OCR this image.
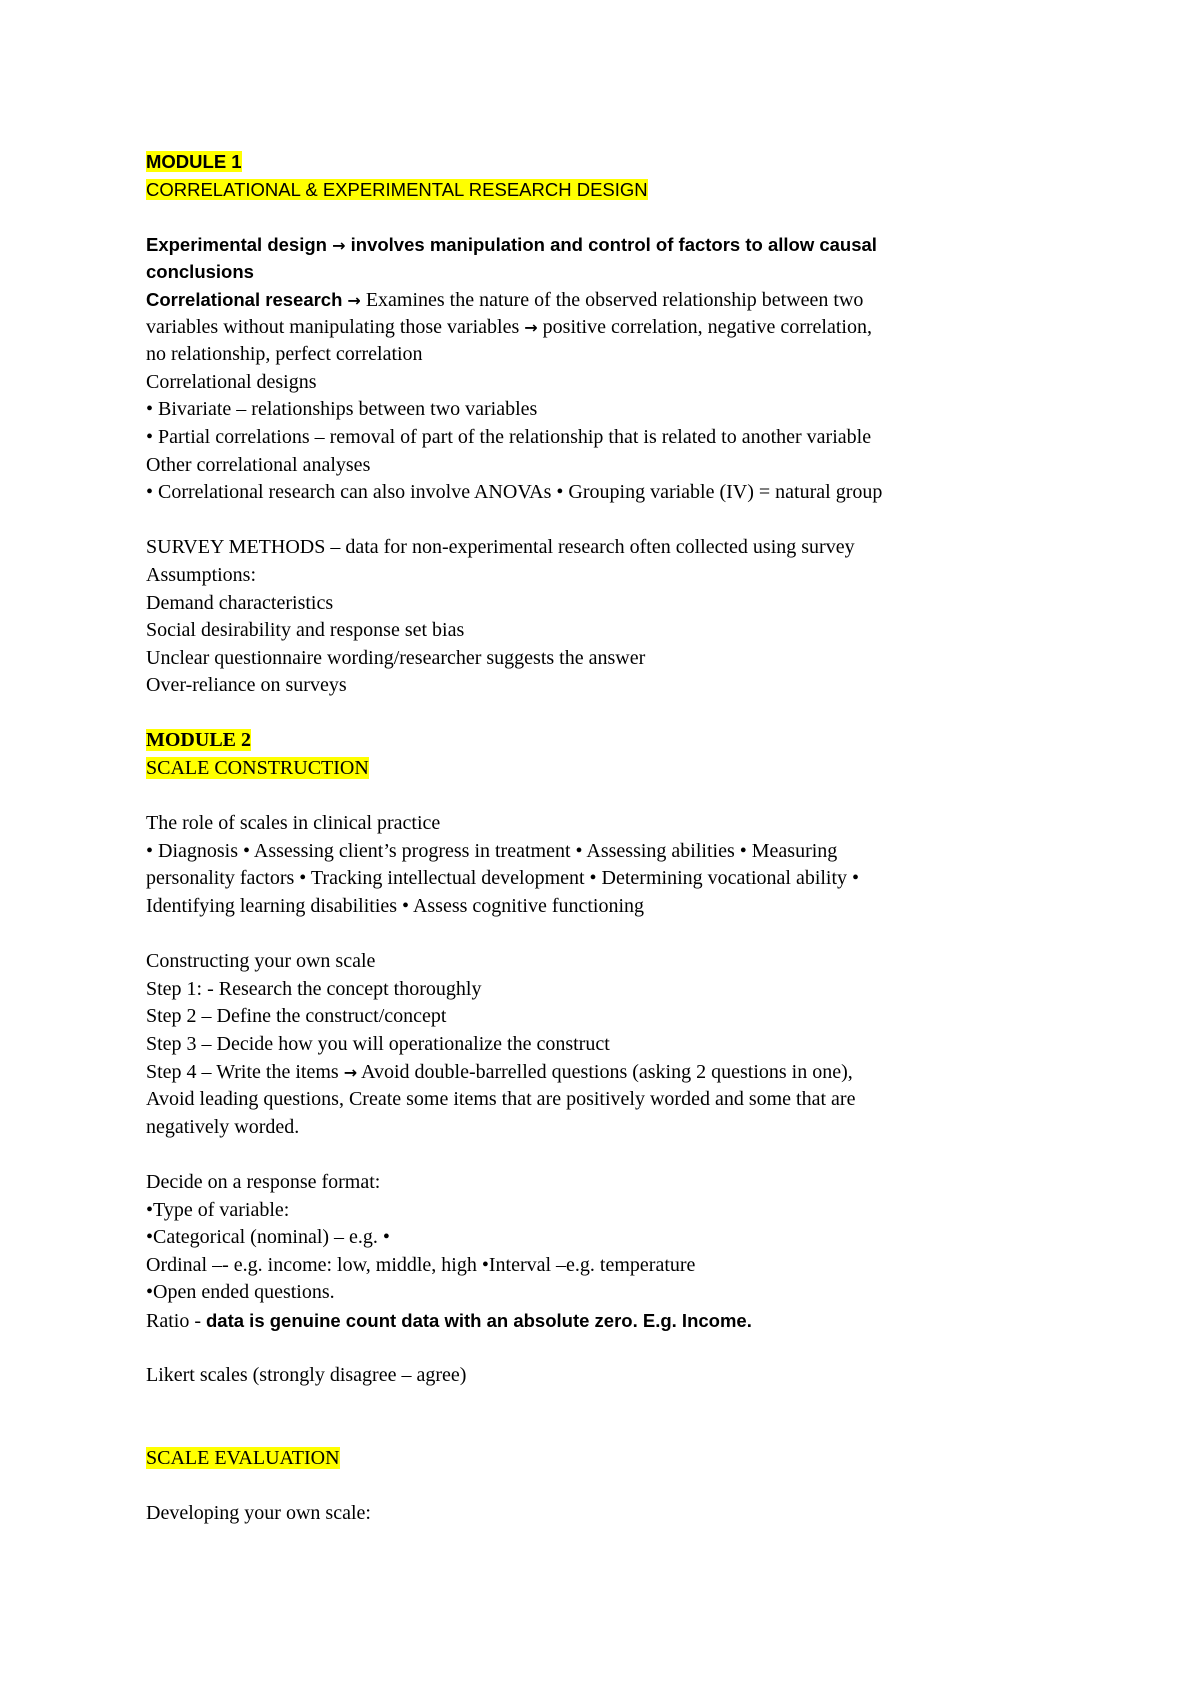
MODULE 1
CORRELATIONAL & EXPERIMENTAL RESEARCH DESIGN
Experimental design → involves manipulation and control of factors to allow causal
conclusions
Correlational research → Examines the nature of the observed relationship between two
variables without manipulating those variables → positive correlation, negative correlation,
no relationship, perfect correlation
Correlational designs
• Bivariate – relationships between two variables
• Partial correlations – removal of part of the relationship that is related to another variable
Other correlational analyses
• Correlational research can also involve ANOVAs • Grouping variable (IV) = natural group
SURVEY METHODS – data for non-experimental research often collected using survey
Assumptions:
Demand characteristics
Social desirability and response set bias
Unclear questionnaire wording/researcher suggests the answer
Over-reliance on surveys
MODULE 2
SCALE CONSTRUCTION
The role of scales in clinical practice
• Diagnosis • Assessing client’s progress in treatment • Assessing abilities • Measuring
personality factors • Tracking intellectual development • Determining vocational ability •
Identifying learning disabilities • Assess cognitive functioning
Constructing your own scale
Step 1: - Research the concept thoroughly
Step 2 – Define the construct/concept
Step 3 – Decide how you will operationalize the construct
Step 4 – Write the items → Avoid double-barrelled questions (asking 2 questions in one),
Avoid leading questions, Create some items that are positively worded and some that are
negatively worded.
Decide on a response format:
•Type of variable:
•Categorical (nominal) – e.g. •
Ordinal –- e.g. income: low, middle, high •Interval –e.g. temperature
•Open ended questions.
Ratio - data is genuine count data with an absolute zero. E.g. Income.
Likert scales (strongly disagree – agree)
SCALE EVALUATION
Developing your own scale:
